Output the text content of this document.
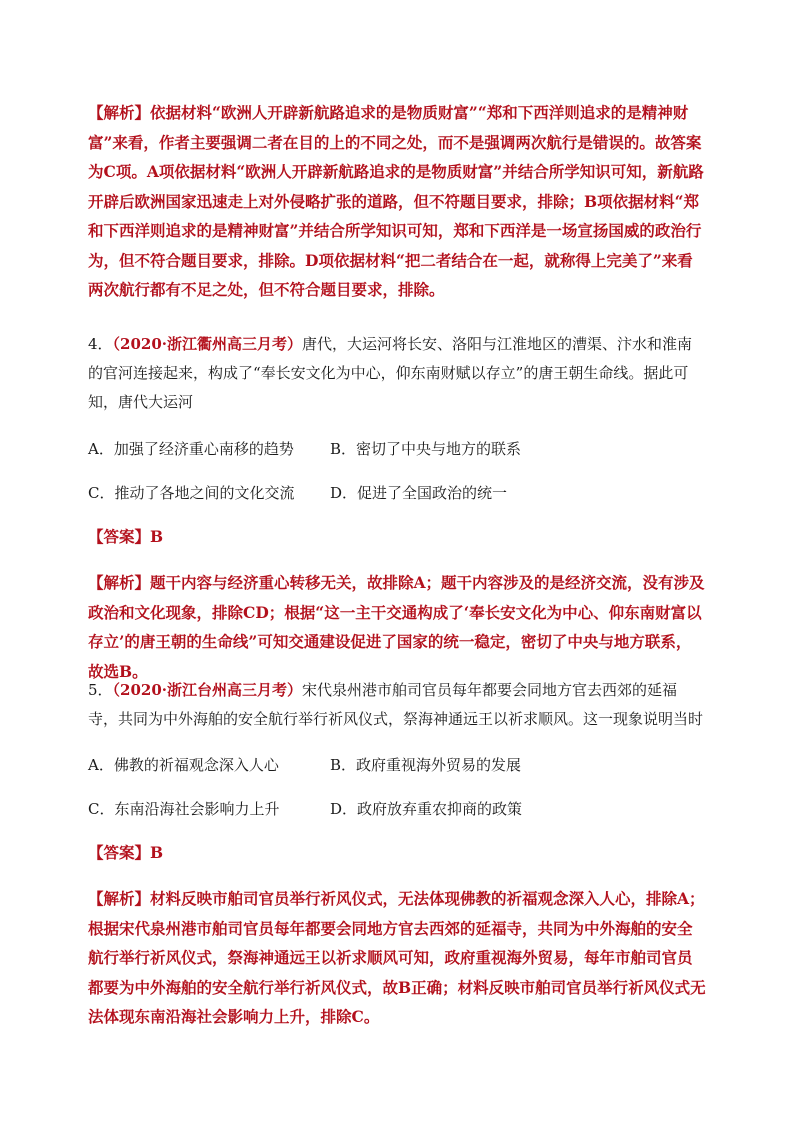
【解析】依据材料“欧洲人开辟新航路追求的是物质财富”“郑和下西洋则追求的是精神财富”来看，作者主要强调二者在目的上的不同之处，而不是强调两次航行是错误的。故答案为C项。A项依据材料“欧洲人开辟新航路追求的是物质财富”并结合所学知识可知，新航路开辟后欧洲国家迅速走上对外侵略扩张的道路，但不符题目要求，排除；B项依据材料“郑和下西洋则追求的是精神财富”并结合所学知识可知，郑和下西洋是一场宣扬国威的政治行为，但不符合题目要求，排除。D项依据材料“把二者结合在一起，就称得上完美了”来看两次航行都有不足之处，但不符合题目要求，排除。

4．（2020·浙江衢州高三月考）唐代，大运河将长安、洛阳与江淮地区的漕渠、汴水和淮南的官河连接起来，构成了“奉长安文化为中心，仰东南财赋以存立”的唐王朝生命线。据此可知，唐代大运河

A．加强了经济重心南移的趋势 B．密切了中央与地方的联系
C．推动了各地之间的文化交流 D．促进了全国政治的统一
【答案】B

【解析】题干内容与经济重心转移无关，故排除A；题干内容涉及的是经济交流，没有涉及政治和文化现象，排除CD；根据“这一主干交通构成了‘奉长安文化为中心、仰东南财富以存立’的唐王朝的生命线”可知交通建设促进了国家的统一稳定，密切了中央与地方联系，故选B。

5．（2020·浙江台州高三月考）宋代泉州港市舶司官员每年都要会同地方官去西郊的延福寺，共同为中外海舶的安全航行举行祈风仪式，祭海神通远王以祈求顺风。这一现象说明当时

A．佛教的祈福观念深入人心	B．政府重视海外贸易的发展
C．东南沿海社会影响力上升	D．政府放弃重农抑商的政策
【答案】B

【解析】材料反映市舶司官员举行祈风仪式，无法体现佛教的祈福观念深入人心，排除A；根据宋代泉州港市舶司官员每年都要会同地方官去西郊的延福寺，共同为中外海舶的安全航行举行祈风仪式，祭海神通远王以祈求顺风可知，政府重视海外贸易，每年市舶司官员都要为中外海舶的安全航行举行祈风仪式，故B正确；材料反映市舶司官员举行祈风仪式无法体现东南沿海社会影响力上升，排除C。
